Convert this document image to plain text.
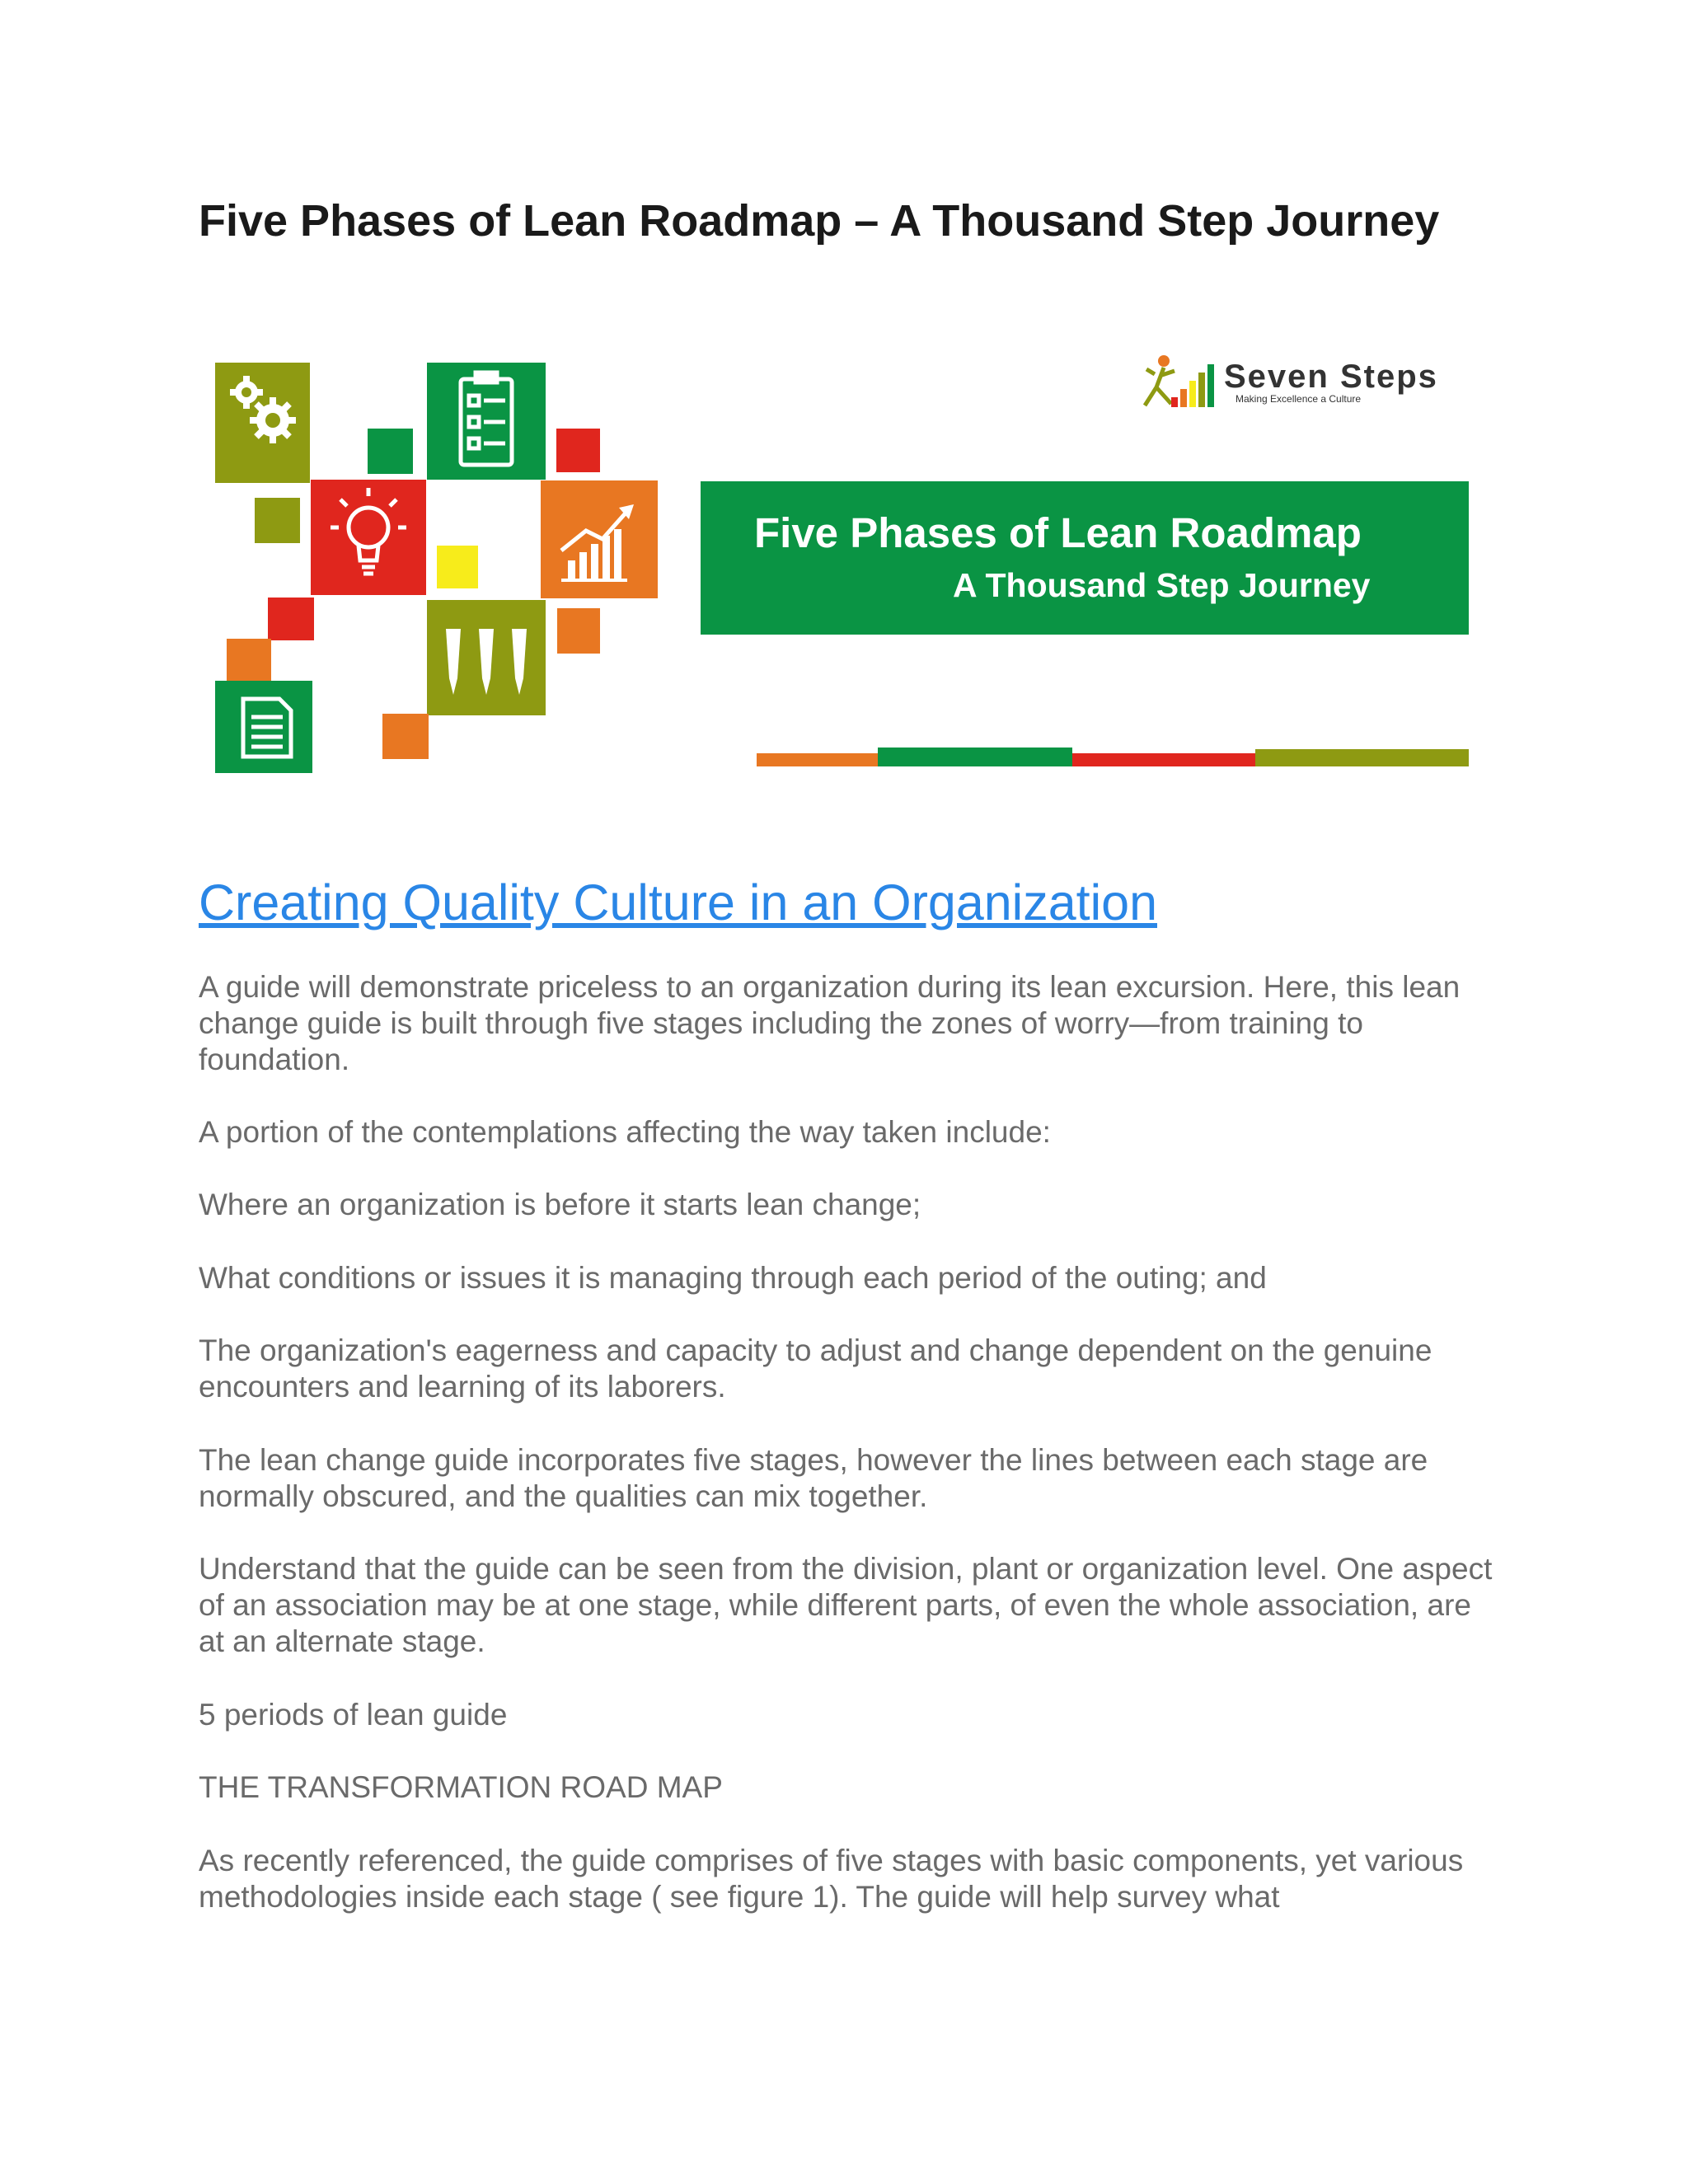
Five Phases of Lean Roadmap – A Thousand Step Journey
Seven Steps
Making Excellence a Culture
Five Phases of Lean Roadmap
A Thousand Step Journey
Creating Quality Culture in an Organization

A guide will demonstrate priceless to an organization during its lean excursion. Here, this lean change guide is built through five stages including the zones of worry—from training to foundation.

A portion of the contemplations affecting the way taken include:

Where an organization is before it starts lean change;

What conditions or issues it is managing through each period of the outing; and

The organization's eagerness and capacity to adjust and change dependent on the genuine encounters and learning of its laborers.

The lean change guide incorporates five stages, however the lines between each stage are normally obscured, and the qualities can mix together.

Understand that the guide can be seen from the division, plant or organization level. One aspect of an association may be at one stage, while different parts, of even the whole association, are at an alternate stage.

5 periods of lean guide

THE TRANSFORMATION ROAD MAP

As recently referenced, the guide comprises of five stages with basic components, yet various methodologies inside each stage ( see figure 1). The guide will help survey what
